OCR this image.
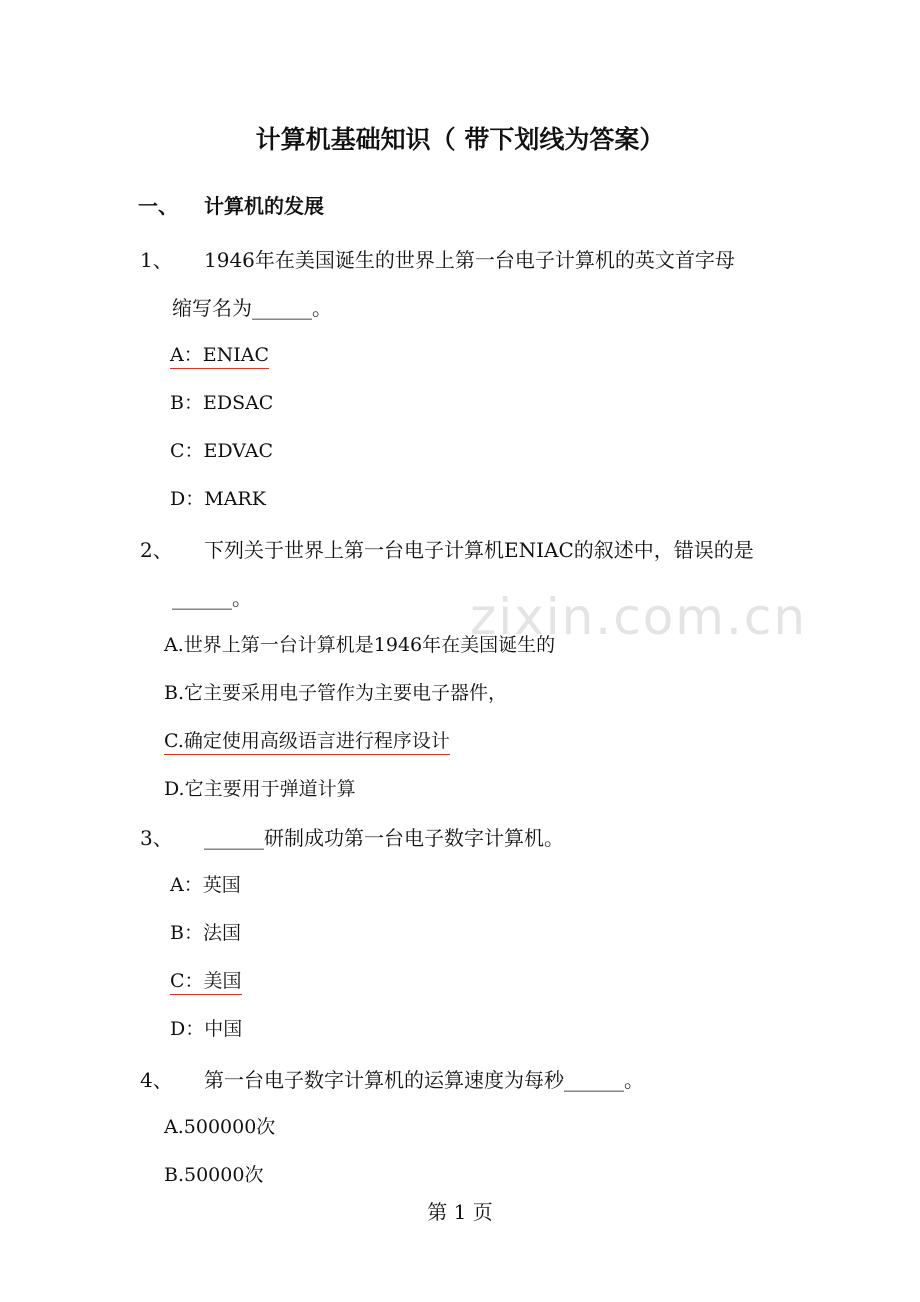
zixin.com.cn
计算机基础知识（ 带下划线为答案）
一、 计算机的发展
1、 1946年在美国诞生的世界上第一台电子计算机的英文首字母
缩写名为______。
A：ENIAC
B：EDSAC
C：EDVAC
D：MARK
2、 下列关于世界上第一台电子计算机ENIAC的叙述中，错误的是
______。
A.世界上第一台计算机是1946年在美国诞生的
B.它主要采用电子管作为主要电子器件，
C.确定使用高级语言进行程序设计
D.它主要用于弹道计算
3、 ______研制成功第一台电子数字计算机。
A：英国
B：法国
C：美国
D：中国
4、 第一台电子数字计算机的运算速度为每秒______。
A.500000次
B.50000次
第 1 页
